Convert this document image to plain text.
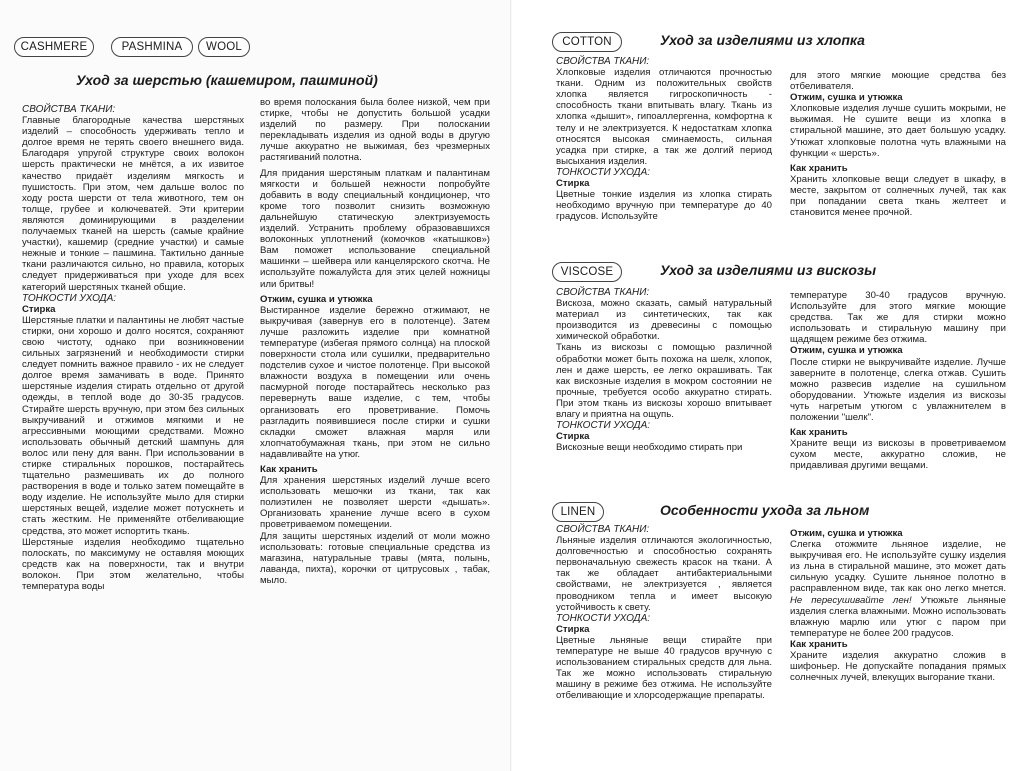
CASHMERE	PASHMINA	WOOL
Уход за шерстью (кашемиром, пашминой)

СВОЙСТВА ТКАНИ:

Главные благородные качества шерстяных изделий – способность удерживать тепло и долгое время не терять своего внешнего вида. Благодаря упругой структуре своих волокон шерсть практически не мнётся, а их извитое качество придаёт изделиям мягкость и пушистость. При этом, чем дальше волос по ходу роста шерсти от тела животного, тем он толще, грубее и колючеватей. Эти критерии являются доминирующими в разделении получаемых тканей на шерсть (самые крайние участки), кашемир (средние участки) и самые нежные и тонкие – пашмина. Тактильно данные ткани различаются сильно, но правила, которых следует придерживаться при уходе для всех категорий шерстяных тканей общие.

ТОНКОСТИ УХОДА:

Стирка

Шерстяные платки и палантины не любят частые стирки, они хорошо и долго носятся, сохраняют свою чистоту, однако при возникновении сильных загрязнений и необходимости стирки следует помнить важное правило - их не следует долгое время замачивать в воде. Принято шерстяные изделия стирать отдельно от другой одежды, в теплой воде до 30-35 градусов. Стирайте шерсть вручную, при этом без сильных выкручиваний и отжимов мягкими и не агрессивными моющими средствами. Можно использовать обычный детский шампунь для волос или пену для ванн. При использовании в стирке стиральных порошков, постарайтесь тщательно размешивать их до полного растворения в воде и только затем помещайте в воду изделие. Не используйте мыло для стирки шерстяных вещей, изделие может потускнеть и стать жестким. Не применяйте отбеливающие средства, это может испортить ткань.

Шерстяные изделия необходимо тщательно полоскать, по максимуму не оставляя моющих средств как на поверхности, так и внутри волокон. При этом желательно, чтобы температура воды

во время полоскания была более низкой, чем при стирке, чтобы не допустить большой усадки изделий по размеру. При полоскании перекладывать изделия из одной воды в другую лучше аккуратно не выжимая, без чрезмерных растягиваний полотна.

Для придания шерстяным платкам и палантинам мягкости и большей нежности попробуйте добавить в воду специальный кондиционер, что кроме того позволит снизить возможную дальнейшую статическую электризуемость изделий. Устранить проблему образовавшихся волоконных уплотнений (комочков «катышков») Вам поможет использование специальной машинки – шейвера или канцелярского скотча. Не используйте пожалуйста для этих целей ножницы или бритвы!

Отжим, сушка и утюжка

Выстиранное изделие бережно отжимают, не выкручивая (завернув его в полотенце). Затем лучше разложить изделие при комнатной температуре (избегая прямого солнца) на плоской поверхности стола или сушилки, предварительно подстелив сухое и чистое полотенце. При высокой влажности воздуха в помещении или очень пасмурной погоде постарайтесь несколько раз перевернуть ваше изделие, с тем, чтобы организовать его проветривание. Помочь разгладить появившиеся после стирки и сушки складки сможет влажная марля или хлопчатобумажная ткань, при этом не сильно надавливайте на утюг.

Как хранить

Для хранения шерстяных изделий лучше всего использовать мешочки из ткани, так как полиэтилен не позволяет шерсти «дышать». Организовать хранение лучше всего в сухом проветриваемом помещении.

Для защиты шерстяных изделий от моли можно использовать: готовые специальные средства из магазина, натуральные травы (мята, полынь, лаванда, пихта), корочки от цитрусовых , табак, мыло.

COTTON	Уход за изделиями из хлопка

СВОЙСТВА ТКАНИ:

Хлопковые изделия отличаются прочностью ткани. Одним из положительных свойств хлопка является гигроскопичность - способность ткани впитывать влагу. Ткань из хлопка «дышит», гипоаллергенна, комфортна к телу и не электризуется. К недостаткам хлопка относятся высокая сминаемость, сильная усадка при стирке, а так же долгий период высыхания изделия.

ТОНКОСТИ УХОДА:

Стирка

Цветные тонкие изделия из хлопка стирать необходимо вручную при температуре до 40 градусов. Используйте

для этого мягкие моющие средства без отбеливателя.

Отжим, сушка и утюжка

Хлопковые изделия лучше сушить мокрыми, не выжимая. Не сушите вещи из хлопка в стиральной машине, это дает большую усадку. Утюжат хлопковые полотна чуть влажными на функции « шерсть».

Как хранить

Хранить хлопковые вещи следует в шкафу, в месте, закрытом от солнечных лучей, так как при попадании света ткань желтеет и становится менее прочной.

VISCOSE	Уход за изделиями из вискозы

СВОЙСТВА ТКАНИ:

Вискоза, можно сказать, самый натуральный материал из синтетических, так как производится из древесины с помощью химической обработки.

Ткань из вискозы с помощью различной обработки может быть похожа на шелк, хлопок, лен и даже шерсть, ее легко окрашивать. Так как вискозные изделия в мокром состоянии не прочные, требуется особо аккуратно стирать. При этом ткань из вискозы хорошо впитывает влагу и приятна на ощупь.

ТОНКОСТИ УХОДА:

Стирка

Вискозные вещи необходимо стирать при

температуре 30-40 градусов вручную. Используйте для этого мягкие моющие средства. Так же для стирки можно использовать и стиральную машину при щадящем режиме без отжима.

Отжим, сушка и утюжка

После стирки не выкручивайте изделие. Лучше заверните в полотенце, слегка отжав. Сушить можно развесив изделие на сушильном оборудовании. Утюжьте изделия из вискозы чуть нагретым утюгом с увлажнителем в положении "шелк".

Как хранить

Храните вещи из вискозы в проветриваемом сухом месте, аккуратно сложив, не придавливая другими вещами.

LINEN	Особенности ухода за льном

СВОЙСТВА ТКАНИ:

Льняные изделия отличаются экологичностью, долговечностью и способностью сохранять первоначальную свежесть красок на ткани. А так же обладает антибактериальными свойствами, не электризуется , является проводником тепла и имеет высокую устойчивость к свету.

ТОНКОСТИ УХОДА:

Стирка

Цветные льняные вещи стирайте при температуре не выше 40 градусов вручную с использованием стиральных средств для льна. Так же можно использовать стиральную машину в режиме без отжима. Не используйте отбеливающие и хлорсодержащие препараты.

Отжим, сушка и утюжка

Слегка отожмите льняное изделие, не выкручивая его. Не используйте сушку изделия из льна в стиральной машине, это может дать сильную усадку. Сушите льняное полотно в расправленном виде, так как оно легко мнется. Не пересушивайте лен! Утюжьте льняные изделия слегка влажными. Можно использовать влажную марлю или утюг с паром при температуре не более 200 градусов.

Как хранить

Храните изделия аккуратно сложив в шифоньер. Не допускайте попадания прямых солнечных лучей, влекущих выгорание ткани.
